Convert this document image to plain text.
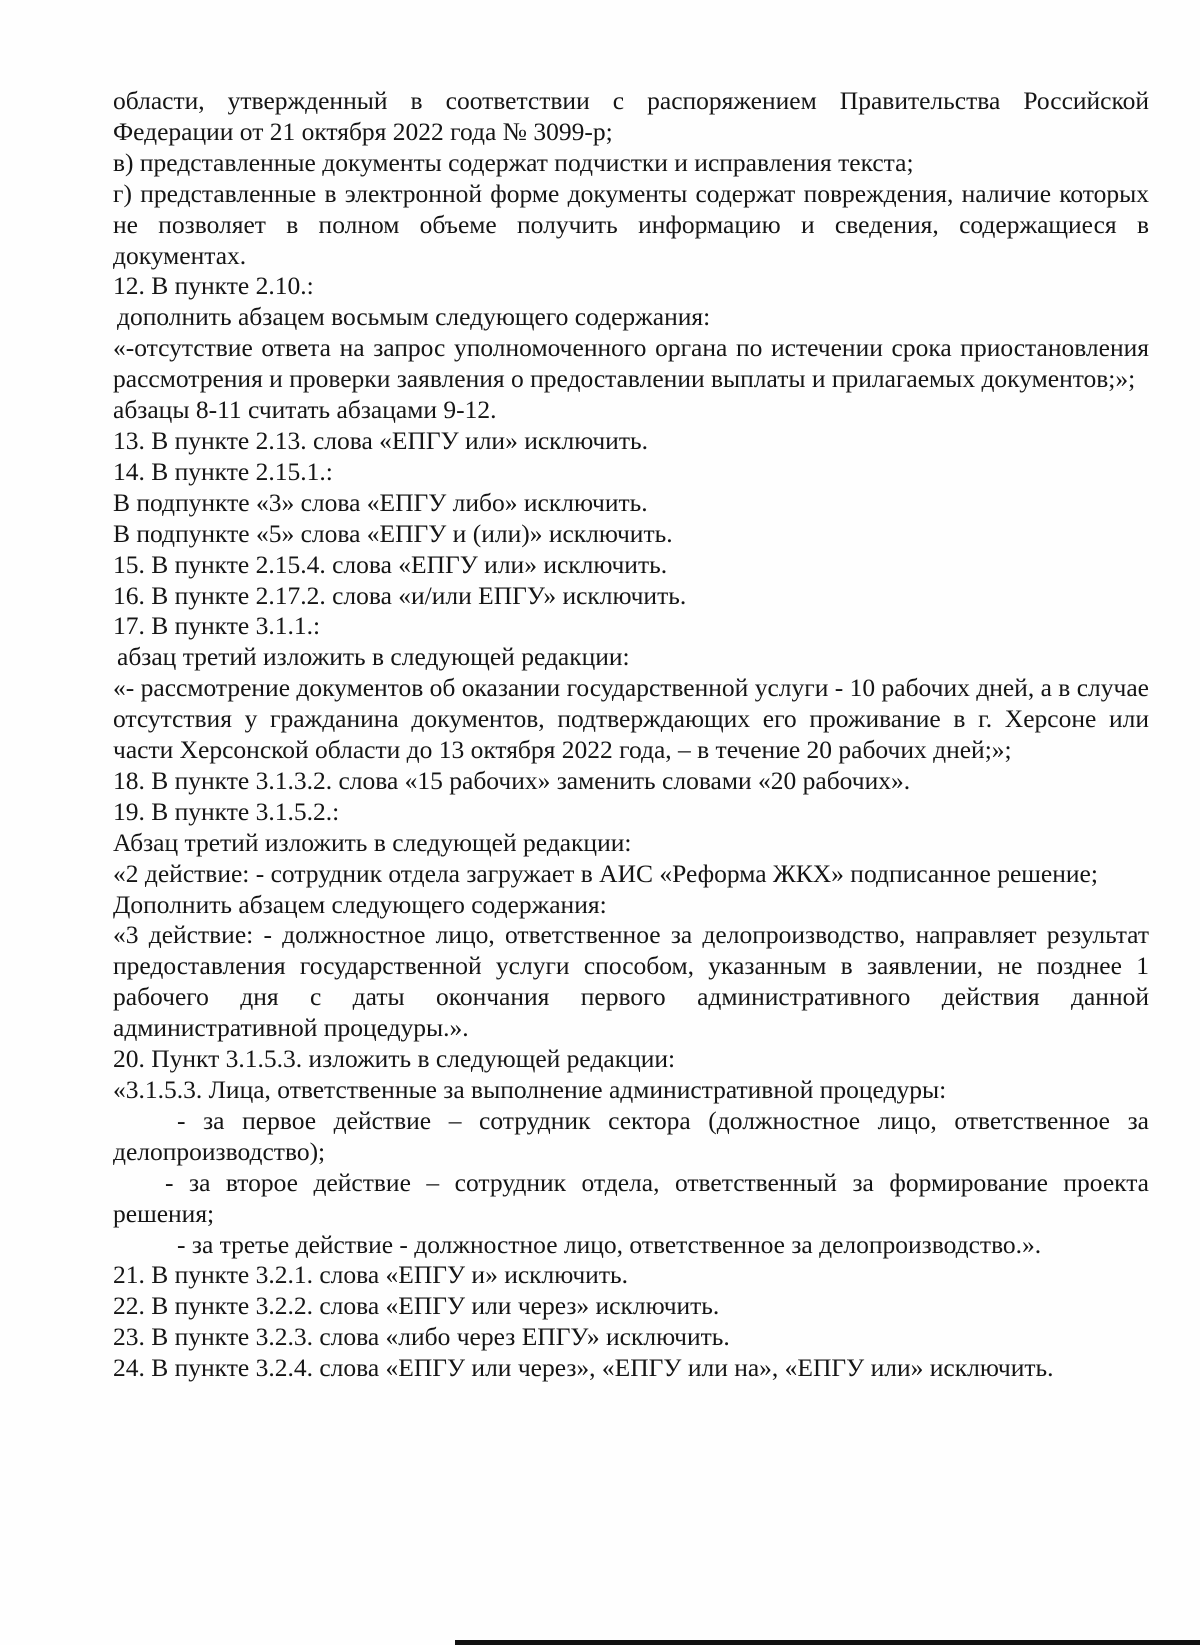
области, утвержденный в соответствии с распоряжением Правительства Российской Федерации от 21 октября 2022 года № 3099-р;

в) представленные документы содержат подчистки и исправления текста;

г) представленные в электронной форме документы содержат повреждения, наличие которых не позволяет в полном объеме получить информацию и сведения, содержащиеся в документах.

12. В пункте 2.10.:

дополнить абзацем восьмым следующего содержания:

«-отсутствие ответа на запрос уполномоченного органа по истечении срока приостановления рассмотрения и проверки заявления о предоставлении выплаты и прилагаемых документов;»;

абзацы 8-11 считать абзацами 9-12.

13. В пункте 2.13. слова «ЕПГУ или» исключить.

14. В пункте 2.15.1.:

В подпункте «3» слова «ЕПГУ либо» исключить.

В подпункте «5» слова «ЕПГУ и (или)» исключить.

15. В пункте 2.15.4. слова «ЕПГУ или» исключить.

16. В пункте 2.17.2. слова «и/или ЕПГУ» исключить.

17. В пункте 3.1.1.:

абзац третий изложить в следующей редакции:

«- рассмотрение документов об оказании государственной услуги - 10 рабочих дней, а в случае отсутствия у гражданина документов, подтверждающих его проживание в г. Херсоне или части Херсонской области до 13 октября 2022 года, – в течение 20 рабочих дней;»;

18. В пункте 3.1.3.2. слова «15 рабочих» заменить словами «20 рабочих».

19. В пункте 3.1.5.2.:

Абзац третий изложить в следующей редакции:

«2 действие: - сотрудник отдела загружает в АИС «Реформа ЖКХ» подписанное решение;

Дополнить абзацем следующего содержания:

«3 действие: - должностное лицо, ответственное за делопроизводство, направляет результат предоставления государственной услуги способом, указанным в заявлении, не позднее 1 рабочего дня с даты окончания первого административного действия данной административной процедуры.».

20. Пункт 3.1.5.3. изложить в следующей редакции:

«3.1.5.3. Лица, ответственные за выполнение административной процедуры:

- за первое действие – сотрудник сектора (должностное лицо, ответственное за делопроизводство);

- за второе действие – сотрудник отдела, ответственный за формирование проекта решения;

- за третье действие - должностное лицо, ответственное за делопроизводство.».

21. В пункте 3.2.1. слова «ЕПГУ и» исключить.

22. В пункте 3.2.2. слова «ЕПГУ или через» исключить.

23. В пункте 3.2.3. слова «либо через ЕПГУ» исключить.

24. В пункте 3.2.4. слова «ЕПГУ или через», «ЕПГУ или на», «ЕПГУ или» исключить.
